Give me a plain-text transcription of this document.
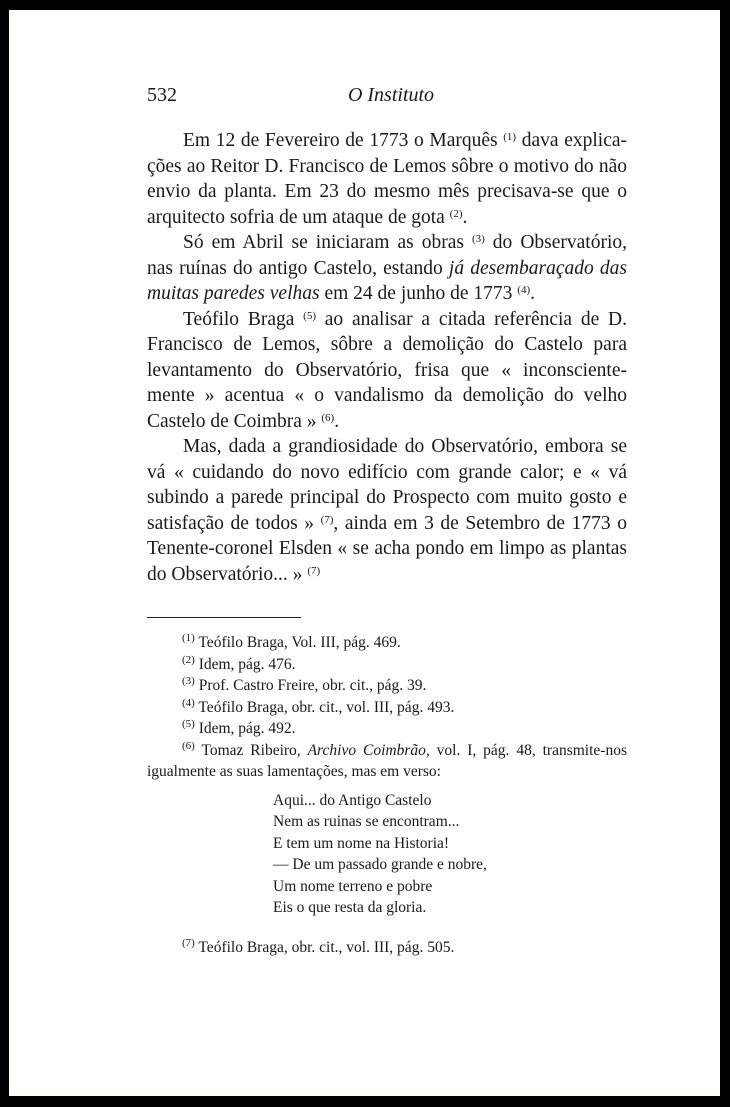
532	O Instituto

Em 12 de Fevereiro de 1773 o Marquês $^{(1)}$ dava explica-ções ao Reitor D. Francisco de Lemos sôbre o motivo do não envio da planta. Em 23 do mesmo mês precisava-se que o arquitecto sofria de um ataque de gota $^{(2)}$.

Só em Abril se iniciaram as obras $^{(3)}$ do Observatório, nas ruínas do antigo Castelo, estando já desembaraçado das muitas paredes velhas em 24 de junho de 1773 $^{(4)}$.

Teófilo Braga $^{(5)}$ ao analisar a citada referência de D. Francisco de Lemos, sôbre a demolição do Castelo para levantamento do Observatório, frisa que « inconsciente-mente » acentua « o vandalismo da demolição do velho Castelo de Coimbra » $^{(6)}$.

Mas, dada a grandiosidade do Observatório, embora se vá « cuidando do novo edifício com grande calor; e « vá subindo a parede principal do Prospecto com muito gosto e satisfação de todos » $^{(7)}$, ainda em 3 de Setembro de 1773 o Tenente-coronel Elsden « se acha pondo em limpo as plantas do Observatório... » $^{(7)}$

$^{(1)}$ Teófilo Braga, Vol. III, pág. 469.

$^{(2)}$ Idem, pág. 476.

$^{(3)}$ Prof. Castro Freire, obr. cit., pág. 39.

$^{(4)}$ Teófilo Braga, obr. cit., vol. III, pág. 493.

$^{(5)}$ Idem, pág. 492.

$^{(6)}$ Tomaz Ribeiro, Archivo Coimbrão, vol. I, pág. 48, transmite-nos igualmente as suas lamentações, mas em verso:

Aqui... do Antigo Castelo
Nem as ruinas se encontram...
E tem um nome na Historia!
— De um passado grande e nobre,
Um nome terreno e pobre
Eis o que resta da gloria.

$^{(7)}$ Teófilo Braga, obr. cit., vol. III, pág. 505.
